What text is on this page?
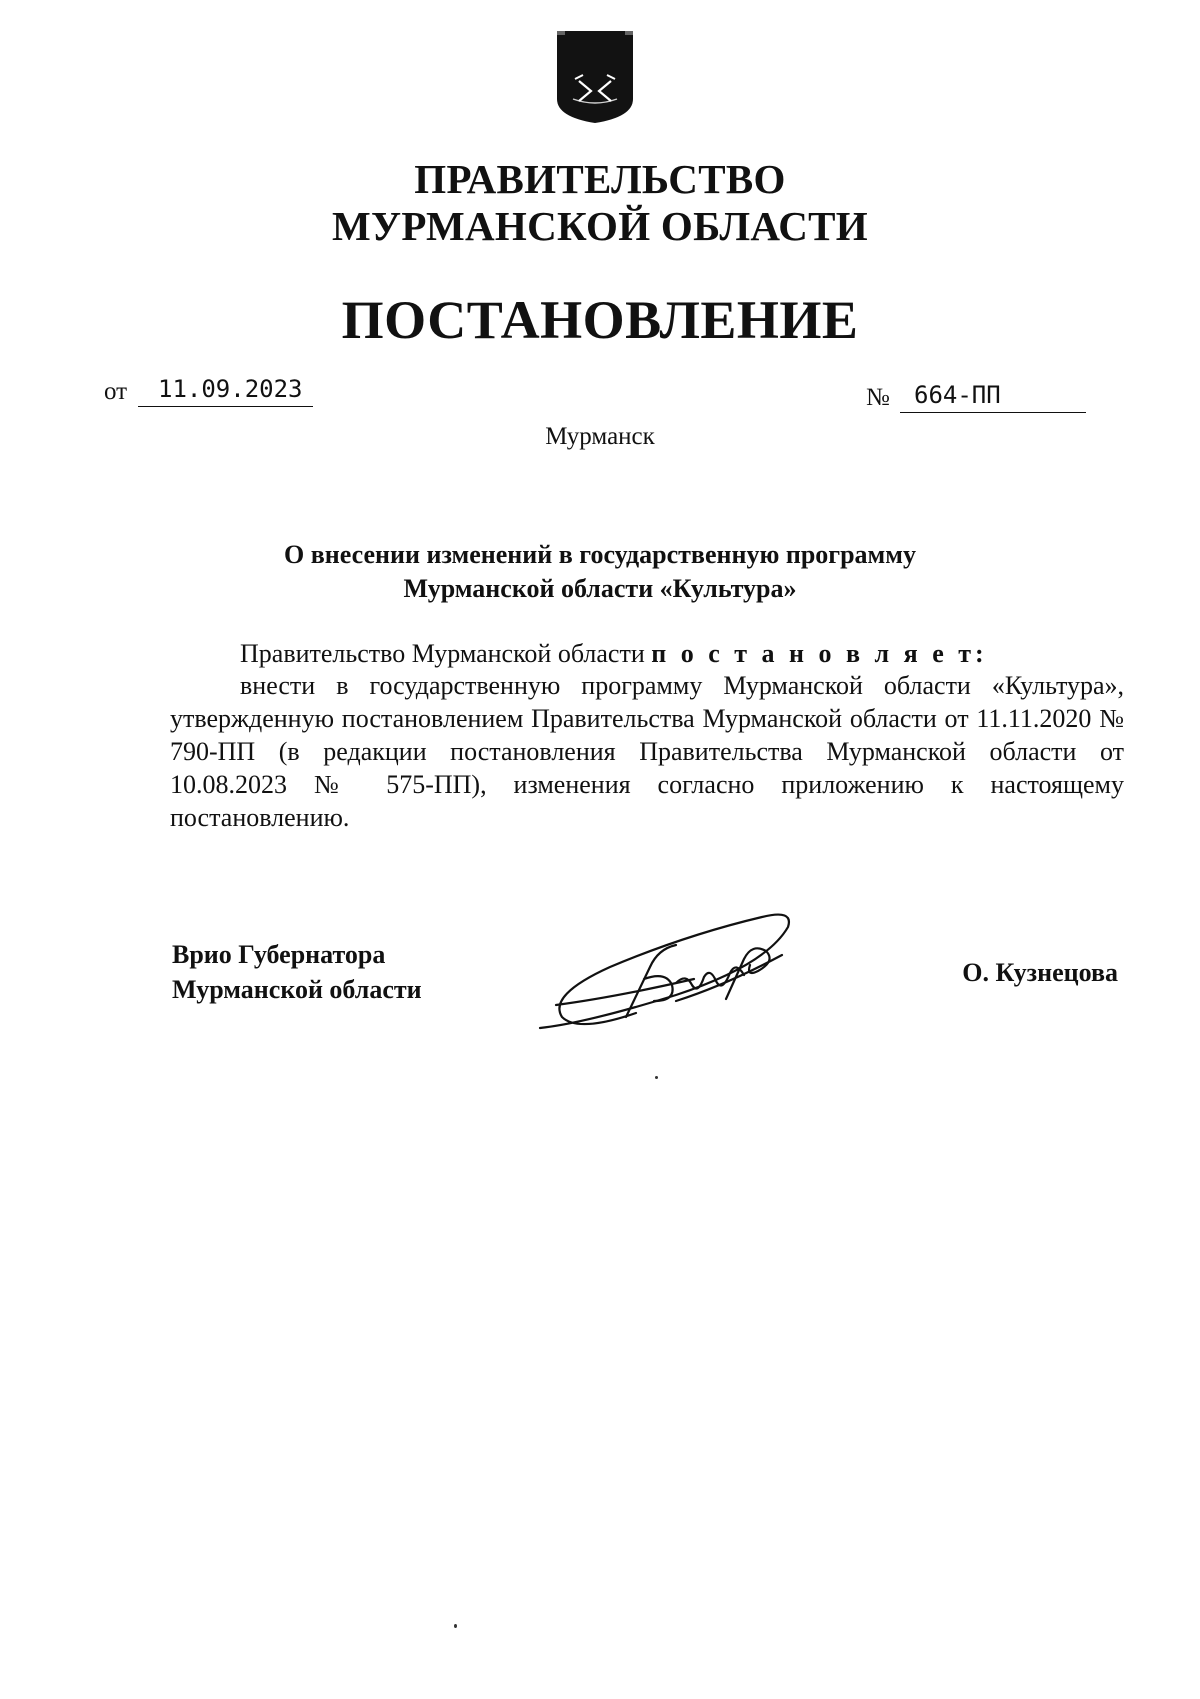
ПРАВИТЕЛЬСТВО
МУРМАНСКОЙ ОБЛАСТИ
ПОСТАНОВЛЕНИЕ
от	11.09.2023	№	664-ПП
Мурманск
О внесении изменений в государственную программу
Мурманской области «Культура»
Правительство Мурманской области п о с т а н о в л я е т:
внести в государственную программу Мурманской области «Культура», утвержденную постановлением Правительства Мурманской области от 11.11.2020 № 790-ПП (в редакции постановления Правительства Мурманской области от 10.08.2023 № 575-ПП), изменения согласно приложению к настоящему постановлению.
Врио Губернатора
Мурманской области
О. Кузнецова
